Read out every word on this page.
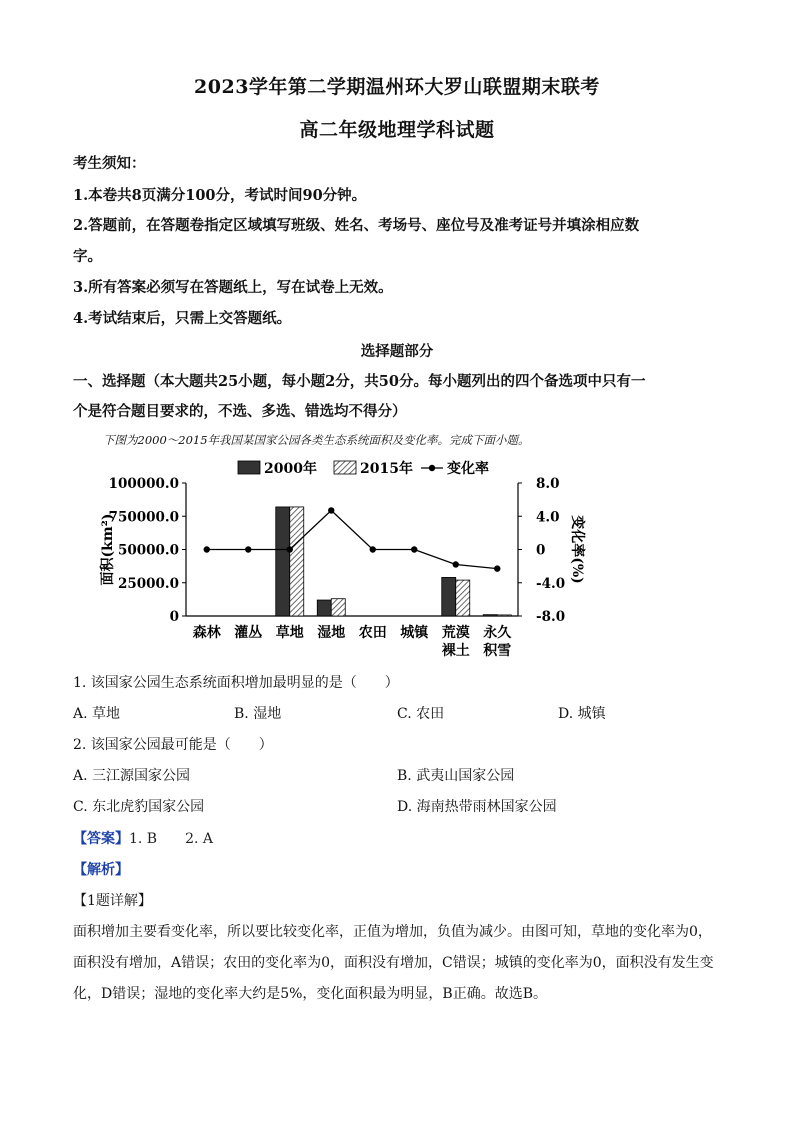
2023学年第二学期温州环大罗山联盟期末联考
高二年级地理学科试题
考生须知：
1.本卷共8页满分100分，考试时间90分钟。
2.答题前，在答题卷指定区域填写班级、姓名、考场号、座位号及准考证号并填涂相应数
字。
3.所有答案必须写在答题纸上，写在试卷上无效。
4.考试结束后，只需上交答题纸。
选择题部分
一、选择题（本大题共25小题，每小题2分，共50分。每小题列出的四个备选项中只有一
个是符合题目要求的，不选、多选、错选均不得分）
下图为2000～2015年我国某国家公园各类生态系统面积及变化率。完成下面小题。
2000年	2015年 变化率
0
25000.0
50000.0
750000.0
100000.0
-8.0
-4.0
0
4.0
8.0
面积(km²)	变化率(%)
森林 灌丛 草地 湿地 农田 城镇 荒漠
裸土
永久
积雪
1. 该国家公园生态系统面积增加最明显的是（　　）
A. 草地	B. 湿地	C. 农田	D. 城镇
2. 该国家公园最可能是（　　）
A. 三江源国家公园	B. 武夷山国家公园
C. 东北虎豹国家公园	D. 海南热带雨林国家公园
【答案】1. B　　2. A
【解析】
【1题详解】
面积增加主要看变化率，所以要比较变化率，正值为增加，负值为减少。由图可知，草地的变化率为0，
面积没有增加，A错误；农田的变化率为0，面积没有增加，C错误；城镇的变化率为0，面积没有发生变
化，D错误；湿地的变化率大约是5%，变化面积最为明显，B正确。故选B。
